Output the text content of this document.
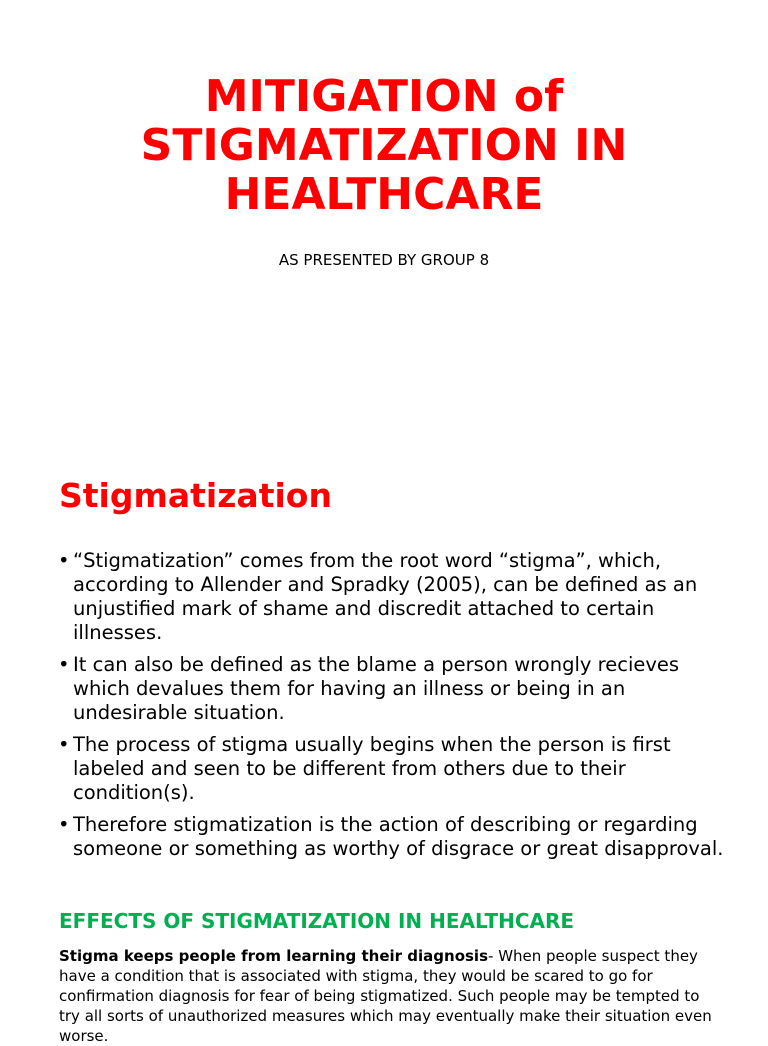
MITIGATION of
STIGMATIZATION IN
HEALTHCARE

AS PRESENTED BY GROUP 8

Stigmatization
• “Stigmatization” comes from the root word “stigma”, which, according to Allender and Spradky (2005), can be defined as an unjustified mark of shame and discredit attached to certain illnesses.
• It can also be defined as the blame a person wrongly recieves which devalues them for having an illness or being in an undesirable situation.
• The process of stigma usually begins when the person is first labeled and seen to be different from others due to their condition(s).
• Therefore stigmatization is the action of describing or regarding someone or something as worthy of disgrace or great disapproval.
EFFECTS OF STIGMATIZATION IN HEALTHCARE

Stigma keeps people from learning their diagnosis- When people suspect they have a condition that is associated with stigma, they would be scared to go for confirmation diagnosis for fear of being stigmatized. Such people may be tempted to try all sorts of unauthorized measures which may eventually make their situation even worse.
